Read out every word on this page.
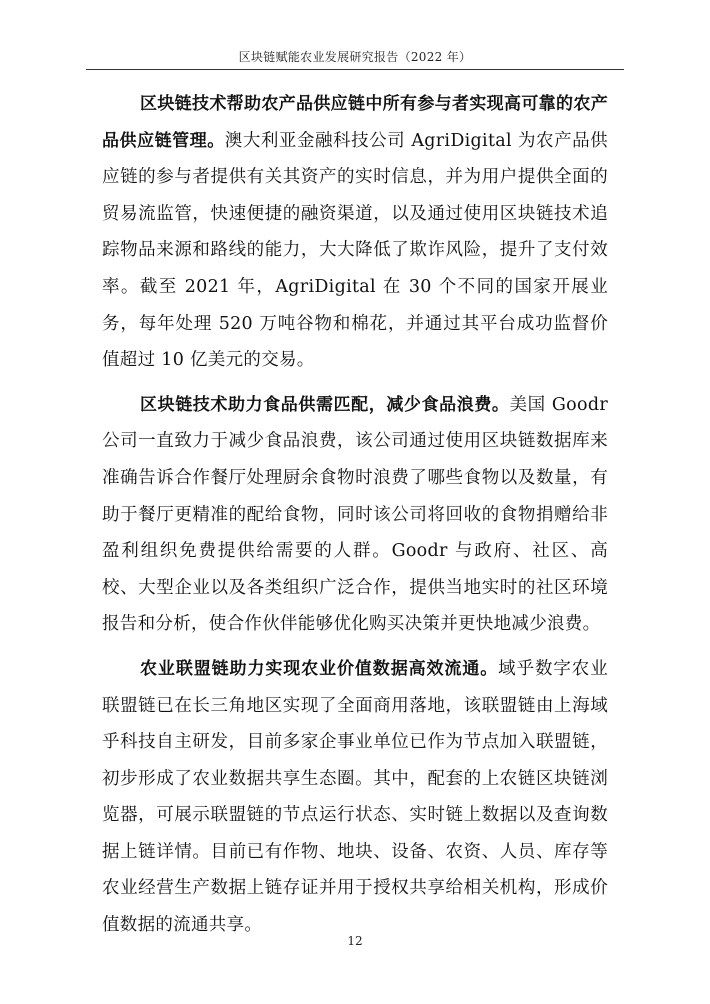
区块链赋能农业发展研究报告（2022 年）

区块链技术帮助农产品供应链中所有参与者实现高可靠的农产品供应链管理。澳大利亚金融科技公司 AgriDigital 为农产品供应链的参与者提供有关其资产的实时信息，并为用户提供全面的贸易流监管，快速便捷的融资渠道，以及通过使用区块链技术追踪物品来源和路线的能力，大大降低了欺诈风险，提升了支付效率。截至 2021 年，AgriDigital 在 30 个不同的国家开展业务，每年处理 520 万吨谷物和棉花，并通过其平台成功监督价值超过 10 亿美元的交易。

区块链技术助力食品供需匹配，减少食品浪费。美国 Goodr 公司一直致力于减少食品浪费，该公司通过使用区块链数据库来准确告诉合作餐厅处理厨余食物时浪费了哪些食物以及数量，有助于餐厅更精准的配给食物，同时该公司将回收的食物捐赠给非盈利组织免费提供给需要的人群。Goodr 与政府、社区、高校、大型企业以及各类组织广泛合作，提供当地实时的社区环境报告和分析，使合作伙伴能够优化购买决策并更快地减少浪费。

农业联盟链助力实现农业价值数据高效流通。域乎数字农业联盟链已在长三角地区实现了全面商用落地，该联盟链由上海域乎科技自主研发，目前多家企事业单位已作为节点加入联盟链，初步形成了农业数据共享生态圈。其中，配套的上农链区块链浏览器，可展示联盟链的节点运行状态、实时链上数据以及查询数据上链详情。目前已有作物、地块、设备、农资、人员、库存等农业经营生产数据上链存证并用于授权共享给相关机构，形成价值数据的流通共享。

12
